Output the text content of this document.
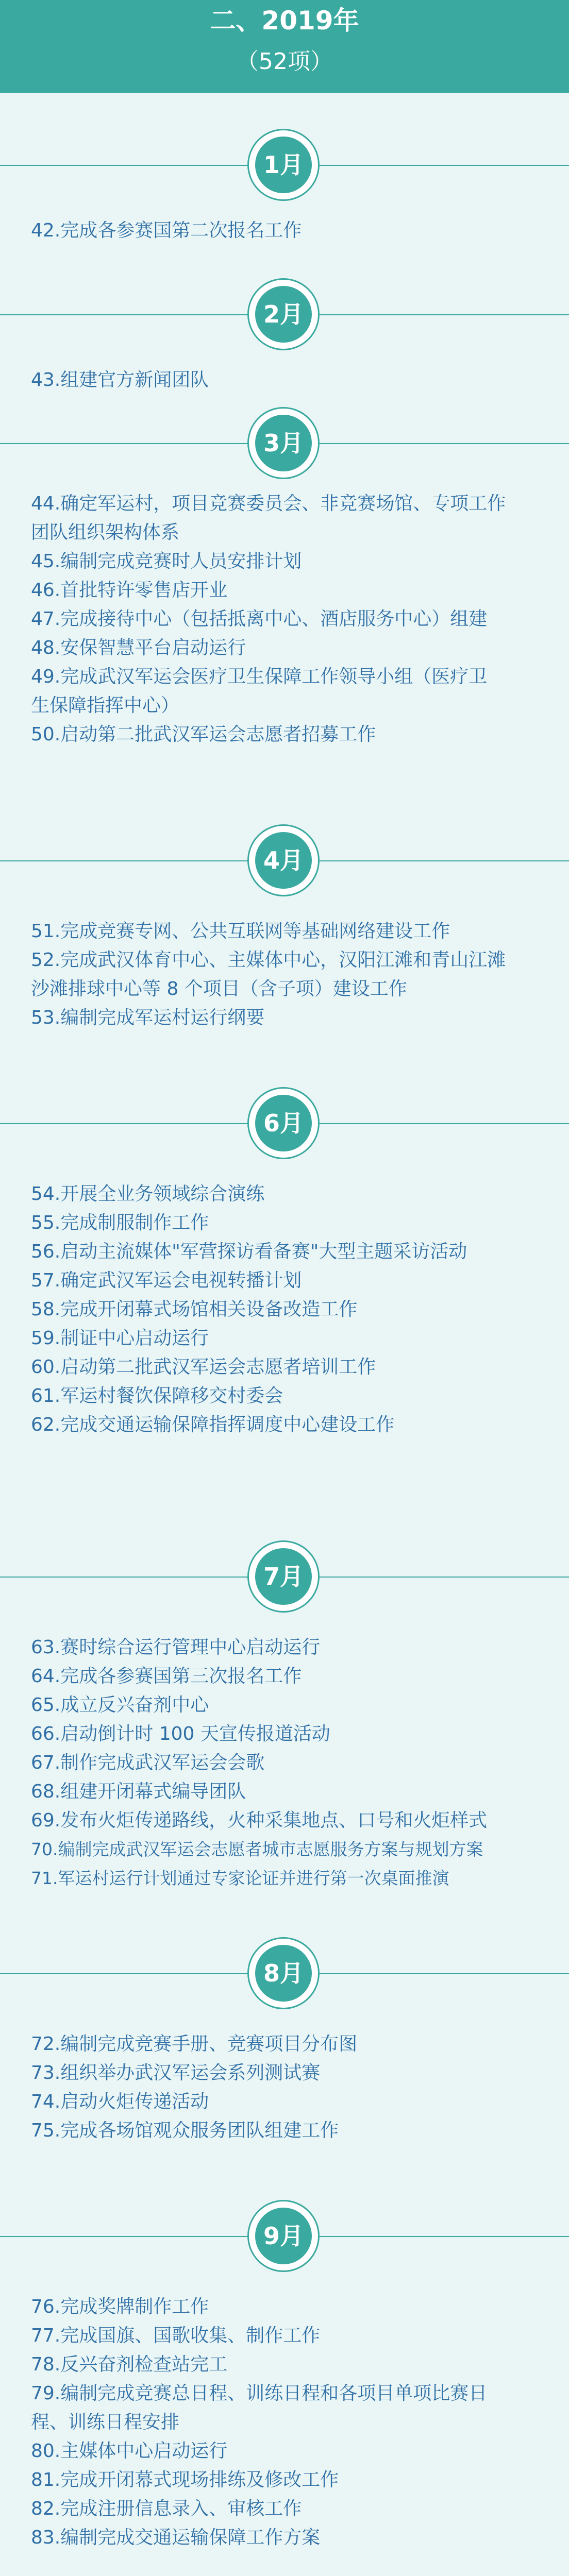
二、2019年
（52项）
1月
42.完成各参赛国第二次报名工作
2月
43.组建官方新闻团队
3月
44.确定军运村，项目竞赛委员会、非竞赛场馆、专项工作
团队组织架构体系
45.编制完成竞赛时人员安排计划
46.首批特许零售店开业
47.完成接待中心（包括抵离中心、酒店服务中心）组建
48.安保智慧平台启动运行
49.完成武汉军运会医疗卫生保障工作领导小组（医疗卫
生保障指挥中心）
50.启动第二批武汉军运会志愿者招募工作
4月
51.完成竞赛专网、公共互联网等基础网络建设工作
52.完成武汉体育中心、主媒体中心，汉阳江滩和青山江滩
沙滩排球中心等 8 个项目（含子项）建设工作
53.编制完成军运村运行纲要
6月
54.开展全业务领域综合演练
55.完成制服制作工作
56.启动主流媒体"军营探访看备赛"大型主题采访活动
57.确定武汉军运会电视转播计划
58.完成开闭幕式场馆相关设备改造工作
59.制证中心启动运行
60.启动第二批武汉军运会志愿者培训工作
61.军运村餐饮保障移交村委会
62.完成交通运输保障指挥调度中心建设工作
7月
63.赛时综合运行管理中心启动运行
64.完成各参赛国第三次报名工作
65.成立反兴奋剂中心
66.启动倒计时 100 天宣传报道活动
67.制作完成武汉军运会会歌
68.组建开闭幕式编导团队
69.发布火炬传递路线，火种采集地点、口号和火炬样式
70.编制完成武汉军运会志愿者城市志愿服务方案与规划方案
71.军运村运行计划通过专家论证并进行第一次桌面推演
8月
72.编制完成竞赛手册、竞赛项目分布图
73.组织举办武汉军运会系列测试赛
74.启动火炬传递活动
75.完成各场馆观众服务团队组建工作
9月
76.完成奖牌制作工作
77.完成国旗、国歌收集、制作工作
78.反兴奋剂检查站完工
79.编制完成竞赛总日程、训练日程和各项目单项比赛日
程、训练日程安排
80.主媒体中心启动运行
81.完成开闭幕式现场排练及修改工作
82.完成注册信息录入、审核工作
83.编制完成交通运输保障工作方案
